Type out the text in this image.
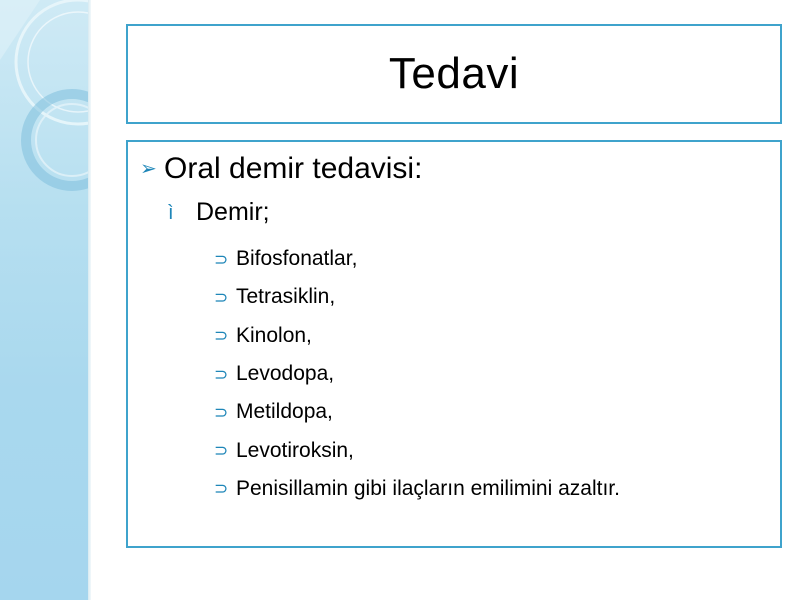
Tedavi
➢ Oral demir tedavisi:
ì Demir;
⊃ Bifosfonatlar,
⊃ Tetrasiklin,
⊃ Kinolon,
⊃ Levodopa,
⊃ Metildopa,
⊃ Levotiroksin,
⊃ Penisillamin gibi ilaçların emilimini azaltır.
